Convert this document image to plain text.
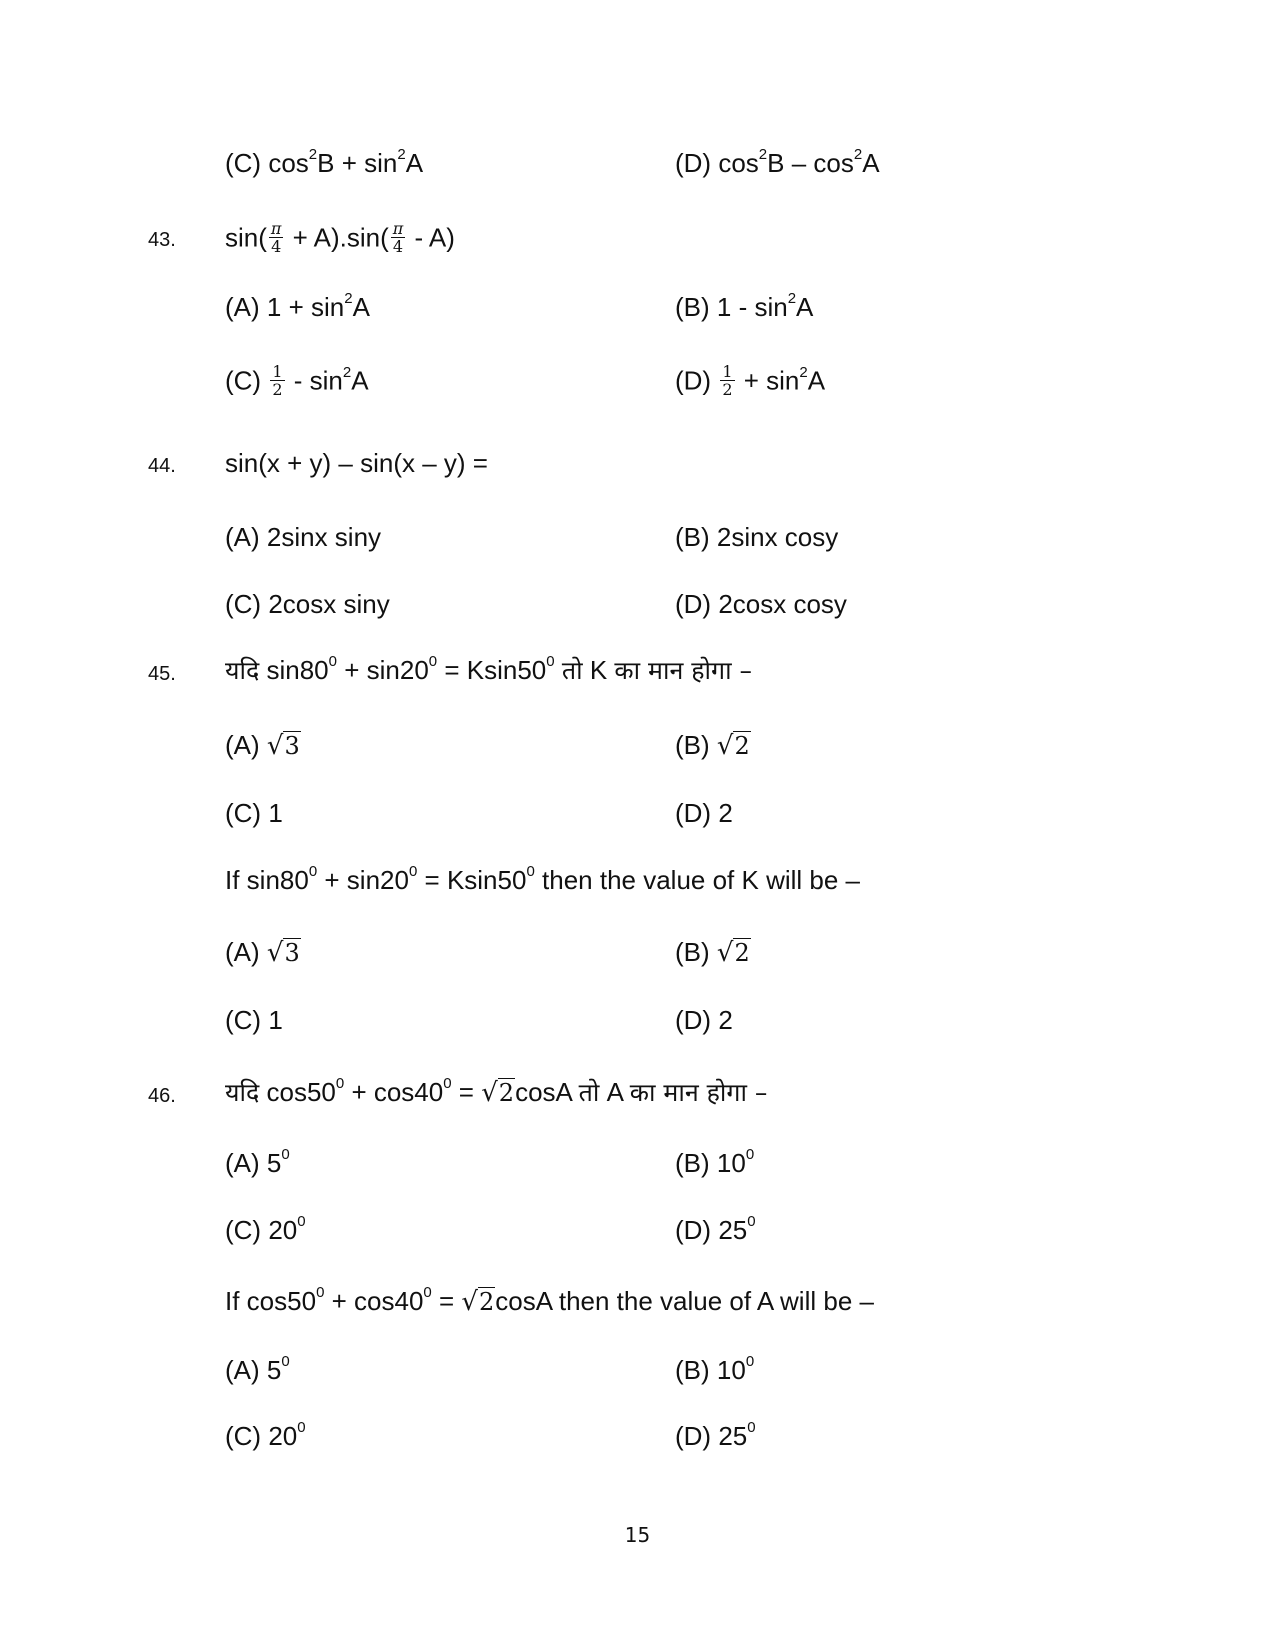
(C) $\cos^2B + \sin^2A$	(D) $\cos^2B - \cos^2A$
43. $\sin( \frac{\pi}{4} + A).\sin( \frac{\pi}{4} - A)$
(A) $1 + \sin^2A$	(B) $1 - \sin^2A$
$(C) \frac{1}{2} - \sin^2A$	$(D) \frac{1}{2} + \sin^2A$
44. sin(x + y) – sin(x – y) =
(A) 2sinx siny	(B) 2sinx cosy
(C) 2cosx siny	(D) 2cosx cosy
45. यदि $\sin 80^0 + \sin 20^0 = Ksin50^0$ तो K का मान होगा –
(A) √3	(B) √2
(C) 1	(D) 2
If $\sin 80^0 + \sin 20^0 = Ksin50^0$ then the value of K will be –
(A) √3	(B) √2
(C) 1	(D) 2
46. यदि $\cos 50^0 + \cos 40^0 = √2\cos A$ तो A का मान होगा –
(A) $5^0$	(B) $10^0$
(C) $20^0$	(D) $25^0$
If $\cos 50^0 + \cos 40^0 = √2\cos A$ then the value of A will be –
(A) $5^0$	(B) $10^0$
(C) $20^0$	(D) $25^0$
15
